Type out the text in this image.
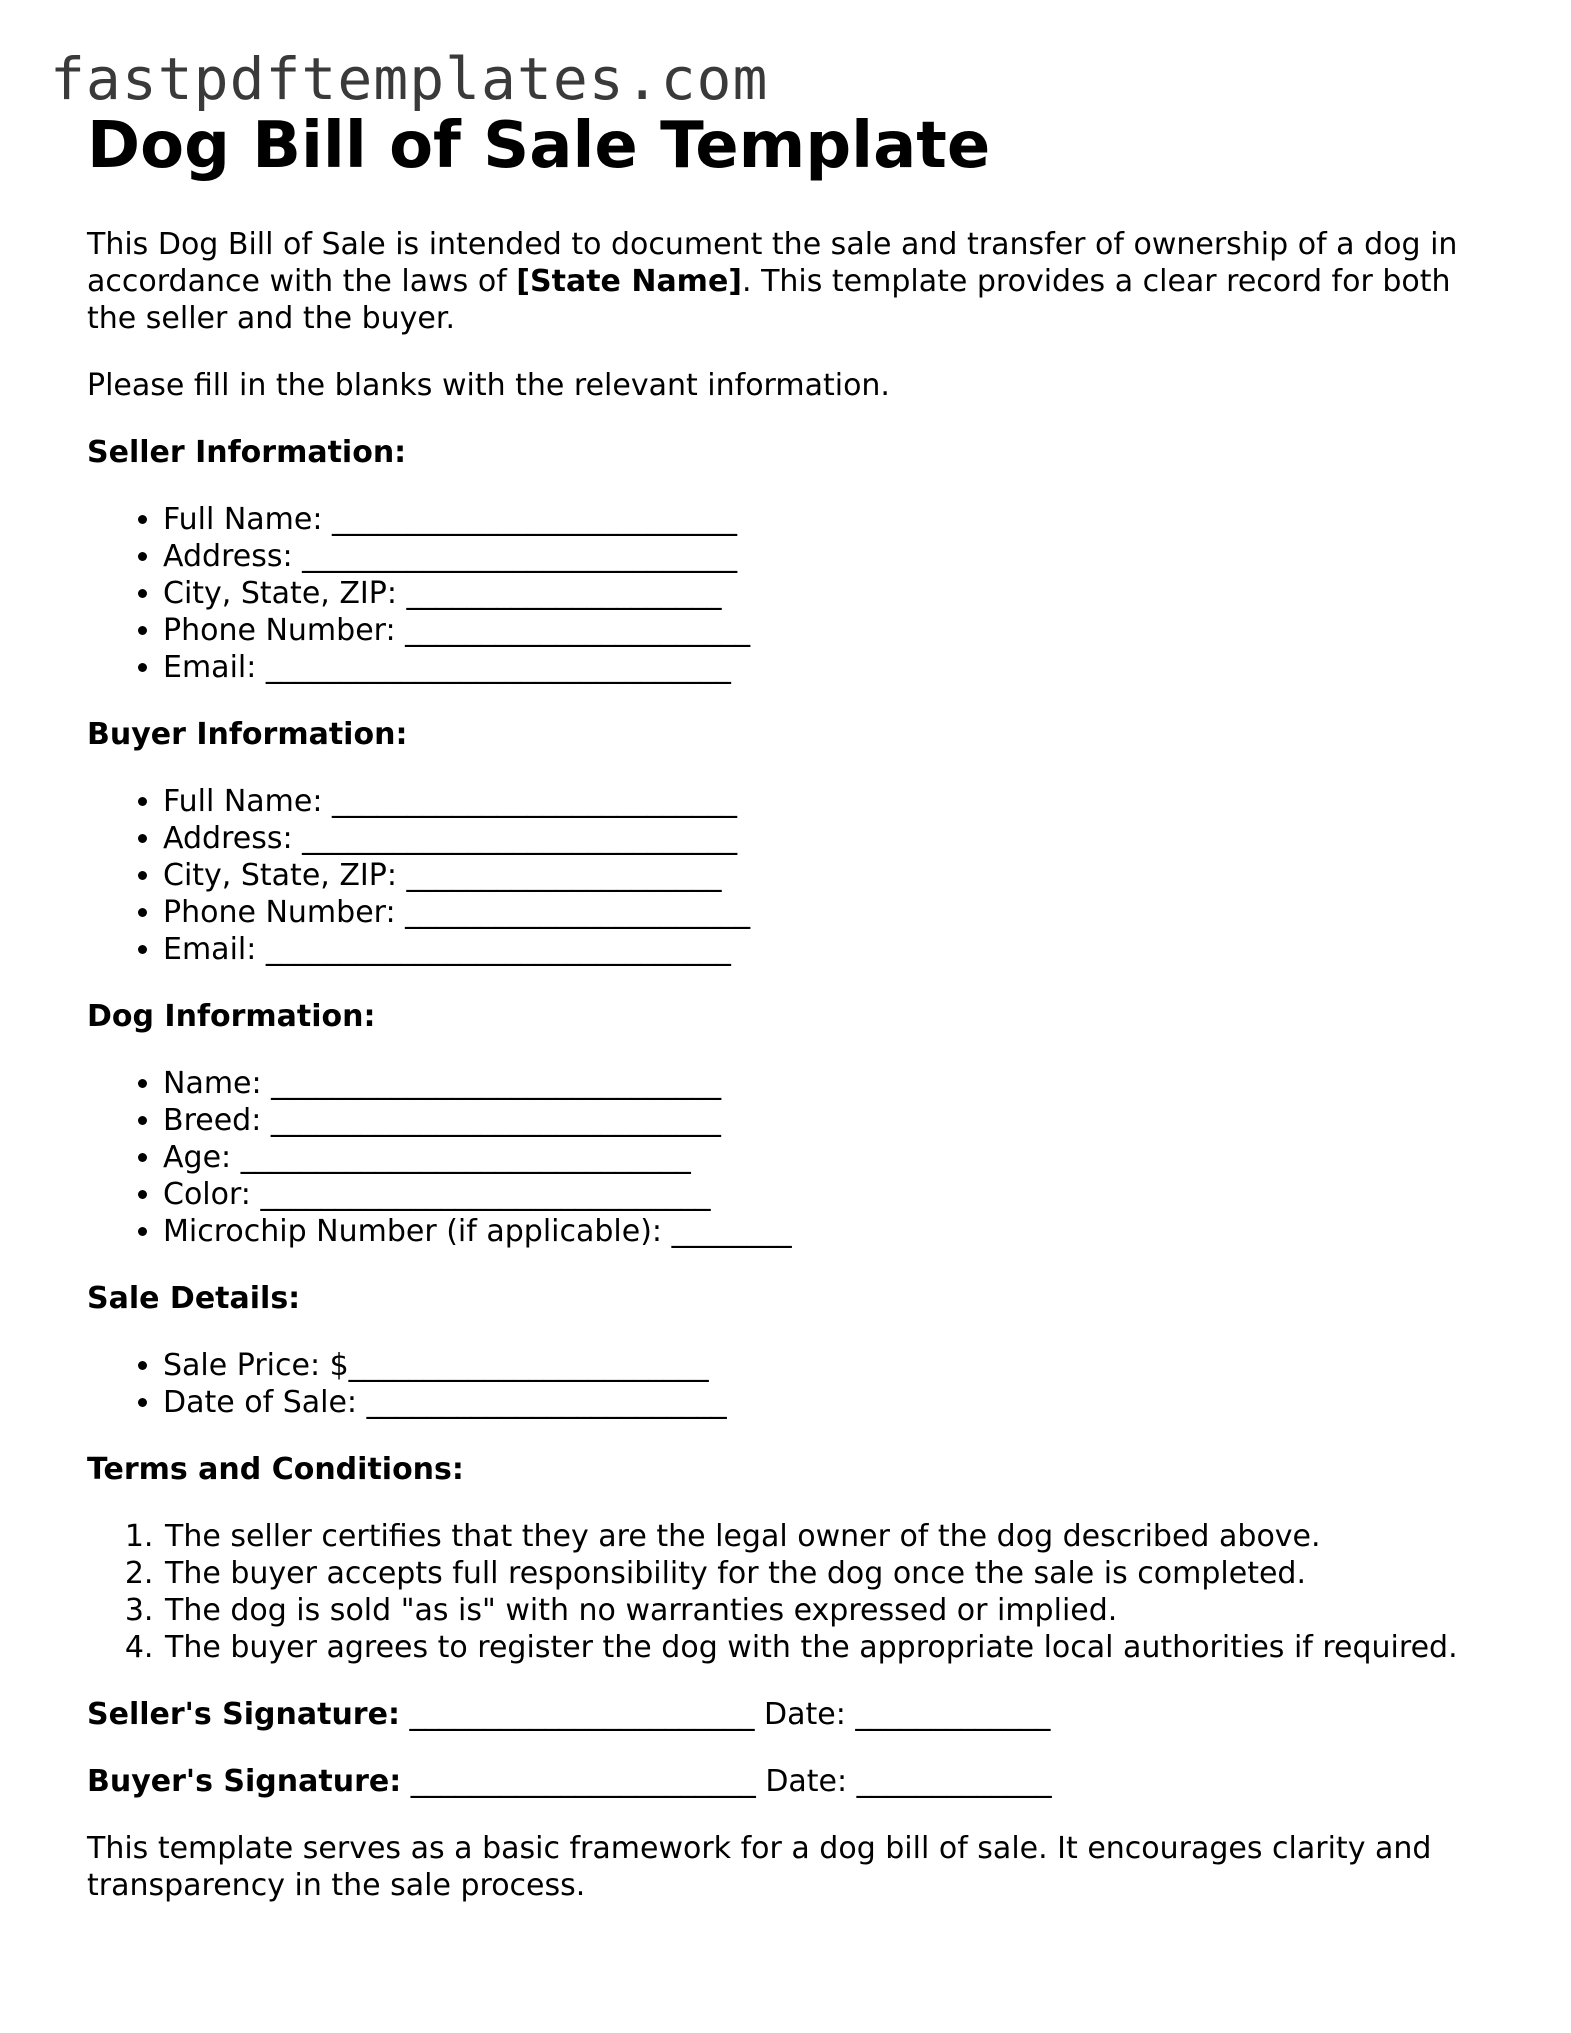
fastpdftemplates.com
Dog Bill of Sale Template

This Dog Bill of Sale is intended to document the sale and transfer of ownership of a dog in accordance with the laws of [State Name]. This template provides a clear record for both the seller and the buyer.

Please fill in the blanks with the relevant information.

Seller Information:

• Full Name: ___________________________
• Address: _____________________________
• City, State, ZIP: _____________________
• Phone Number: _______________________
• Email: _______________________________

Buyer Information:

• Full Name: ___________________________
• Address: _____________________________
• City, State, ZIP: _____________________
• Phone Number: _______________________
• Email: _______________________________

Dog Information:

• Name: ______________________________
• Breed: ______________________________
• Age: ______________________________
• Color: ______________________________
• Microchip Number (if applicable): ________

Sale Details:

• Sale Price: $________________________
• Date of Sale: ________________________

Terms and Conditions:

1. The seller certifies that they are the legal owner of the dog described above.
2. The buyer accepts full responsibility for the dog once the sale is completed.
3. The dog is sold "as is" with no warranties expressed or implied.
4. The buyer agrees to register the dog with the appropriate local authorities if required.

Seller's Signature: _______________________ Date: _____________

Buyer's Signature: _______________________ Date: _____________

This template serves as a basic framework for a dog bill of sale. It encourages clarity and transparency in the sale process.
